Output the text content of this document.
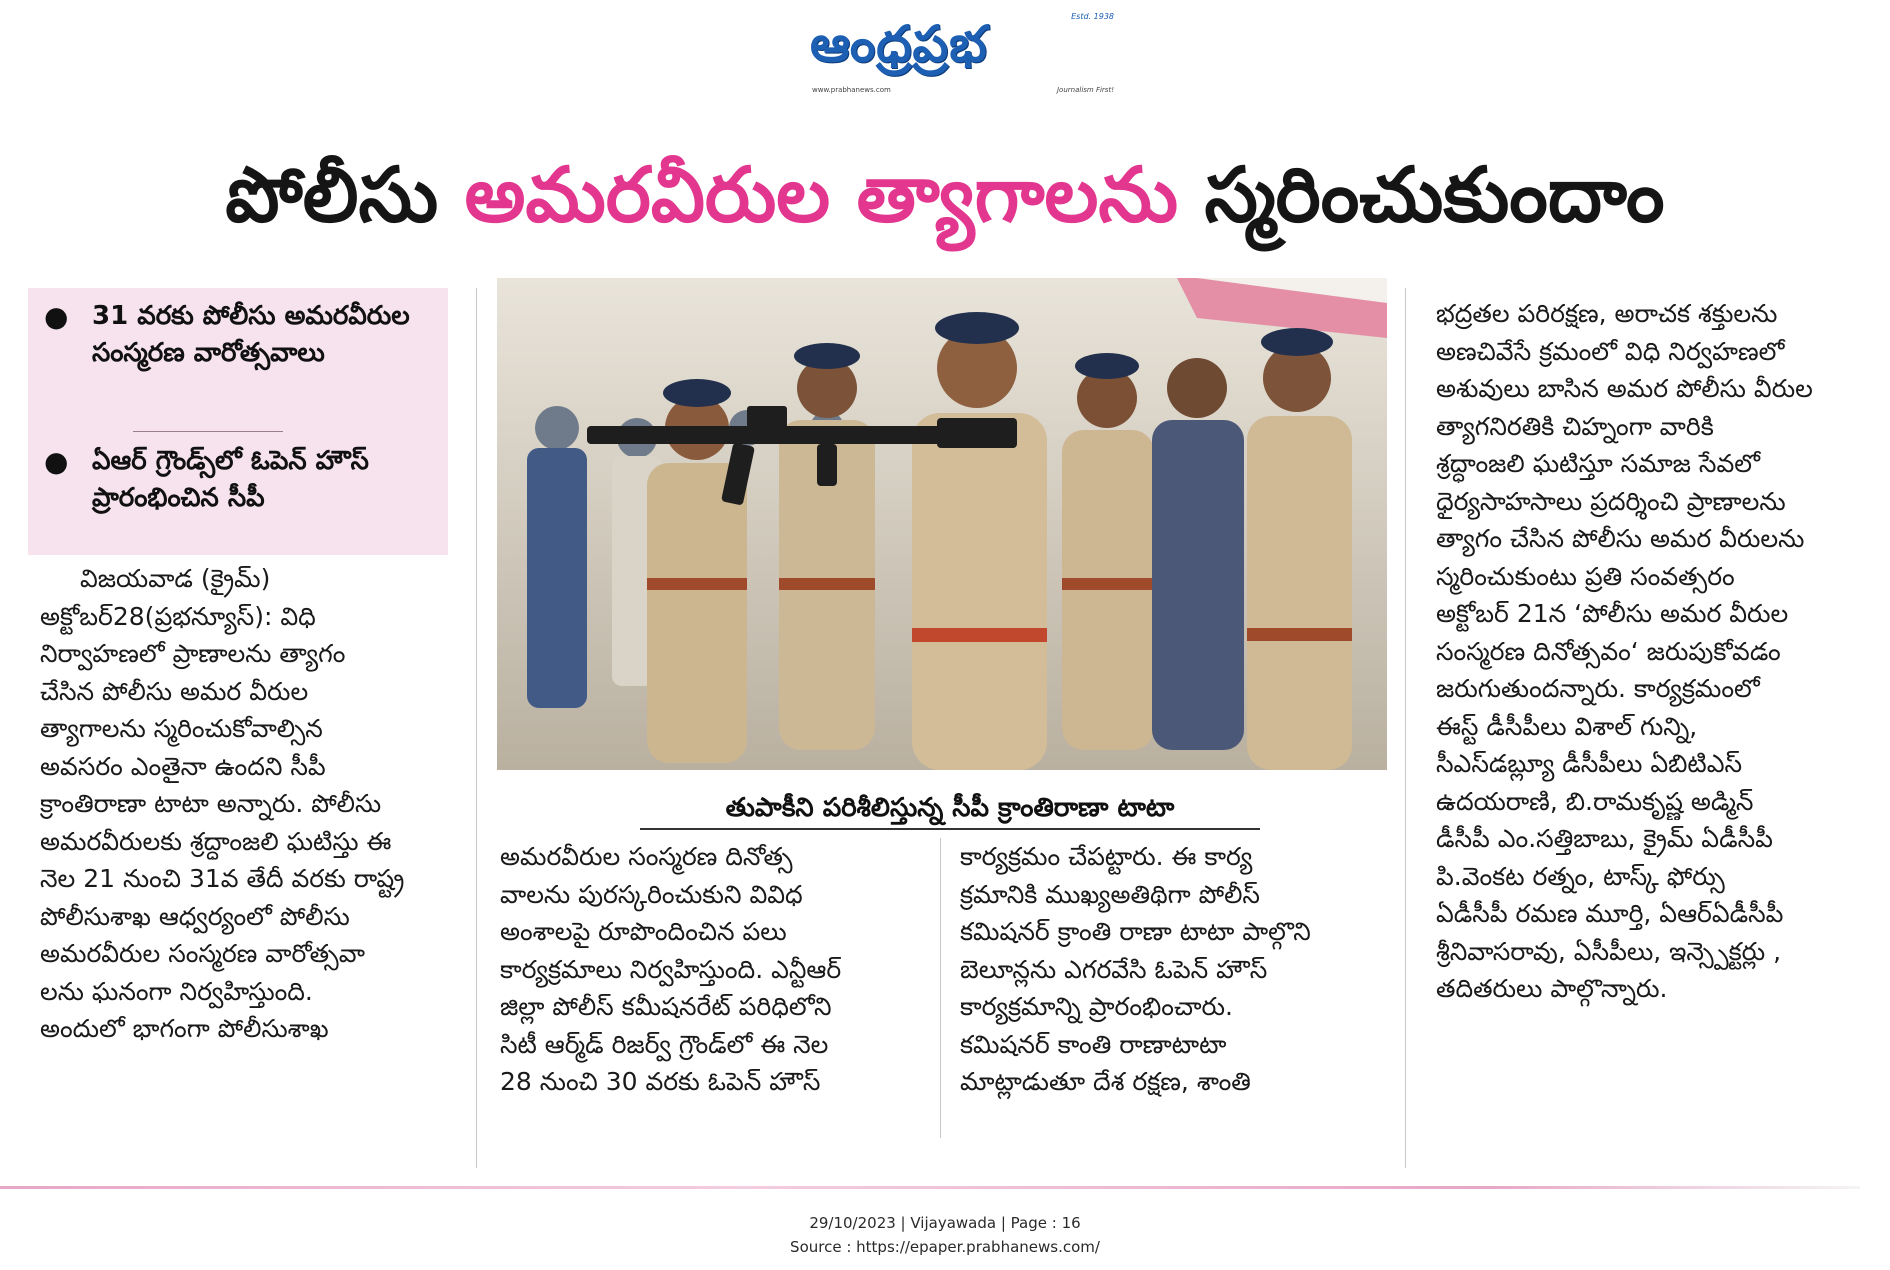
ఆంధ్రప్రభ	Estd. 1938
www.prabhanews.com	Journalism First!
పోలీసు అమరవీరుల త్యాగాలను స్మరించుకుందాం
● 31 వరకు పోలీసు అమరవీరుల సంస్మరణ వారోత్సవాలు
● ఏఆర్ గ్రౌండ్స్‌లో ఓపెన్ హౌస్ ప్రారంభించిన సీపీ
విజయవాడ (క్రైమ్)
అక్టోబర్28(ప్రభన్యూస్): విధి
నిర్వాహణలో ప్రాణాలను త్యాగం
చేసిన పోలీసు అమర వీరుల
త్యాగాలను స్మరించుకోవాల్సిన
అవసరం ఎంతైనా ఉందని సీపీ
క్రాంతిరాణా టాటా అన్నారు. పోలీసు
అమరవీరులకు శ్రద్ధాంజలి ఘటిస్తు ఈ
నెల 21 నుంచి 31వ తేదీ వరకు రాష్ట్ర
పోలీసుశాఖ ఆధ్వర్యంలో పోలీసు
అమరవీరుల సంస్మరణ వారోత్సవా
లను ఘనంగా నిర్వహిస్తుంది.
అందులో భాగంగా పోలీసుశాఖ
తుపాకీని పరిశీలిస్తున్న సీపీ క్రాంతిరాణా టాటా
అమరవీరుల సంస్మరణ దినోత్స
వాలను పురస్కరించుకుని వివిధ
అంశాలపై రూపొందించిన పలు
కార్యక్రమాలు నిర్వహిస్తుంది. ఎన్టీఆర్
జిల్లా పోలీస్ కమీషనరేట్ పరిధిలోని
సిటీ ఆర్మ్‌డ్ రిజర్వ్ గ్రౌండ్‌లో ఈ నెల
28 నుంచి 30 వరకు ఓపెన్ హౌస్
కార్యక్రమం చేపట్టారు. ఈ కార్య
క్రమానికి ముఖ్యఅతిథిగా పోలీస్
కమిషనర్ క్రాంతి రాణా టాటా పాల్గొని
బెలూన్లను ఎగరవేసి ఓపెన్ హౌస్
కార్యక్రమాన్ని ప్రారంభించారు.
కమిషనర్ కాంతి రాణాటాటా
మాట్లాడుతూ దేశ రక్షణ, శాంతి
భద్రతల పరిరక్షణ, అరాచక శక్తులను
అణచివేసే క్రమంలో విధి నిర్వహణలో
అశువులు బాసిన అమర పోలీసు వీరుల
త్యాగనిరతికి చిహ్నంగా వారికి
శ్రద్ధాంజలి ఘటిస్తూ సమాజ సేవలో
ధైర్యసాహసాలు ప్రదర్శించి ప్రాణాలను
త్యాగం చేసిన పోలీసు అమర వీరులను
స్మరించుకుంటు ప్రతి సంవత్సరం
అక్టోబర్ 21న ‘పోలీసు అమర వీరుల
సంస్మరణ దినోత్సవం‘ జరుపుకోవడం
జరుగుతుందన్నారు. కార్యక్రమంలో
ఈస్ట్ డీసీపీలు విశాల్ గున్ని,
సీఎస్‌డబ్ల్యూ డీసీపీలు ఏబిటిఎస్
ఉదయరాణి, బి.రామకృష్ణ అడ్మిన్
డీసీపీ ఎం.సత్తిబాబు, క్రైమ్ ఏడీసీపీ
పి.వెంకట రత్నం, టాస్క్ ఫోర్సు
ఏడీసీపీ రమణ మూర్తి, ఏఆర్ఏడీసీపీ
శ్రీనివాసరావు, ఏసీపీలు, ఇన్స్పెక్టర్లు ,
తదితరులు పాల్గొన్నారు.
29/10/2023 | Vijayawada | Page : 16
Source : https://epaper.prabhanews.com/
